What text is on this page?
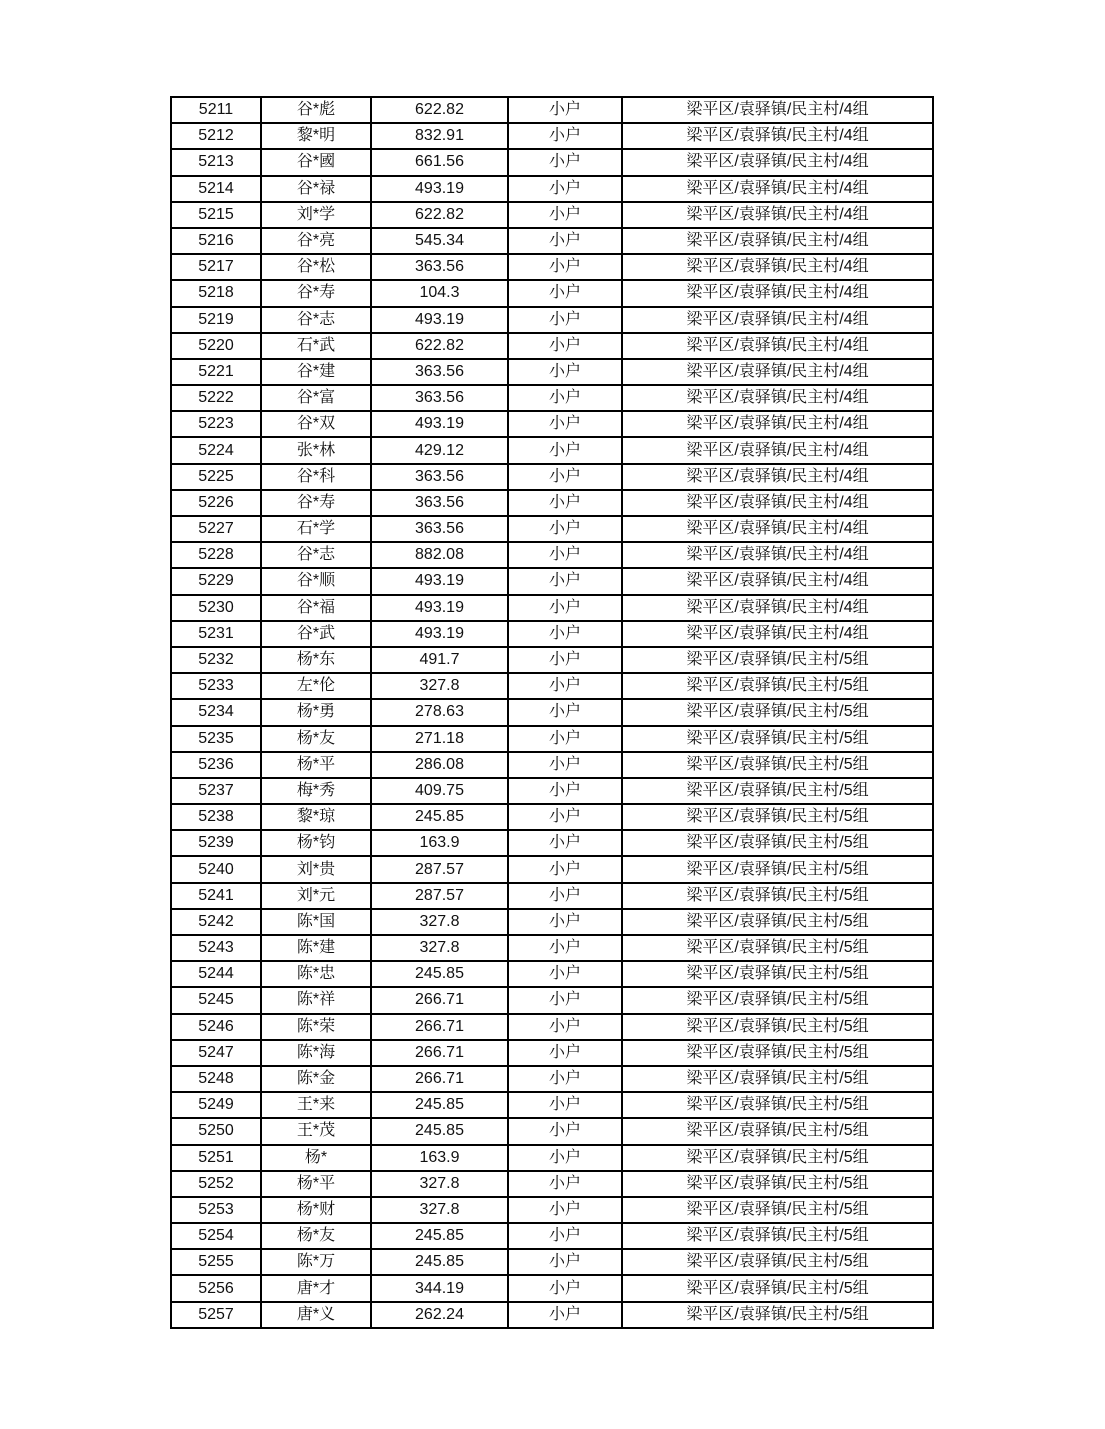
5211	谷*彪	622.82	小户	梁平区/袁驿镇/民主村/4组
5212	黎*明	832.91	小户	梁平区/袁驿镇/民主村/4组
5213	谷*國	661.56	小户	梁平区/袁驿镇/民主村/4组
5214	谷*禄	493.19	小户	梁平区/袁驿镇/民主村/4组
5215	刘*学	622.82	小户	梁平区/袁驿镇/民主村/4组
5216	谷*亮	545.34	小户	梁平区/袁驿镇/民主村/4组
5217	谷*松	363.56	小户	梁平区/袁驿镇/民主村/4组
5218	谷*寿	104.3	小户	梁平区/袁驿镇/民主村/4组
5219	谷*志	493.19	小户	梁平区/袁驿镇/民主村/4组
5220	石*武	622.82	小户	梁平区/袁驿镇/民主村/4组
5221	谷*建	363.56	小户	梁平区/袁驿镇/民主村/4组
5222	谷*富	363.56	小户	梁平区/袁驿镇/民主村/4组
5223	谷*双	493.19	小户	梁平区/袁驿镇/民主村/4组
5224	张*林	429.12	小户	梁平区/袁驿镇/民主村/4组
5225	谷*科	363.56	小户	梁平区/袁驿镇/民主村/4组
5226	谷*寿	363.56	小户	梁平区/袁驿镇/民主村/4组
5227	石*学	363.56	小户	梁平区/袁驿镇/民主村/4组
5228	谷*志	882.08	小户	梁平区/袁驿镇/民主村/4组
5229	谷*顺	493.19	小户	梁平区/袁驿镇/民主村/4组
5230	谷*福	493.19	小户	梁平区/袁驿镇/民主村/4组
5231	谷*武	493.19	小户	梁平区/袁驿镇/民主村/4组
5232	杨*东	491.7	小户	梁平区/袁驿镇/民主村/5组
5233	左*伦	327.8	小户	梁平区/袁驿镇/民主村/5组
5234	杨*勇	278.63	小户	梁平区/袁驿镇/民主村/5组
5235	杨*友	271.18	小户	梁平区/袁驿镇/民主村/5组
5236	杨*平	286.08	小户	梁平区/袁驿镇/民主村/5组
5237	梅*秀	409.75	小户	梁平区/袁驿镇/民主村/5组
5238	黎*琼	245.85	小户	梁平区/袁驿镇/民主村/5组
5239	杨*钧	163.9	小户	梁平区/袁驿镇/民主村/5组
5240	刘*贵	287.57	小户	梁平区/袁驿镇/民主村/5组
5241	刘*元	287.57	小户	梁平区/袁驿镇/民主村/5组
5242	陈*国	327.8	小户	梁平区/袁驿镇/民主村/5组
5243	陈*建	327.8	小户	梁平区/袁驿镇/民主村/5组
5244	陈*忠	245.85	小户	梁平区/袁驿镇/民主村/5组
5245	陈*祥	266.71	小户	梁平区/袁驿镇/民主村/5组
5246	陈*荣	266.71	小户	梁平区/袁驿镇/民主村/5组
5247	陈*海	266.71	小户	梁平区/袁驿镇/民主村/5组
5248	陈*金	266.71	小户	梁平区/袁驿镇/民主村/5组
5249	王*来	245.85	小户	梁平区/袁驿镇/民主村/5组
5250	王*茂	245.85	小户	梁平区/袁驿镇/民主村/5组
5251	杨*	163.9	小户	梁平区/袁驿镇/民主村/5组
5252	杨*平	327.8	小户	梁平区/袁驿镇/民主村/5组
5253	杨*财	327.8	小户	梁平区/袁驿镇/民主村/5组
5254	杨*友	245.85	小户	梁平区/袁驿镇/民主村/5组
5255	陈*万	245.85	小户	梁平区/袁驿镇/民主村/5组
5256	唐*才	344.19	小户	梁平区/袁驿镇/民主村/5组
5257	唐*义	262.24	小户	梁平区/袁驿镇/民主村/5组
